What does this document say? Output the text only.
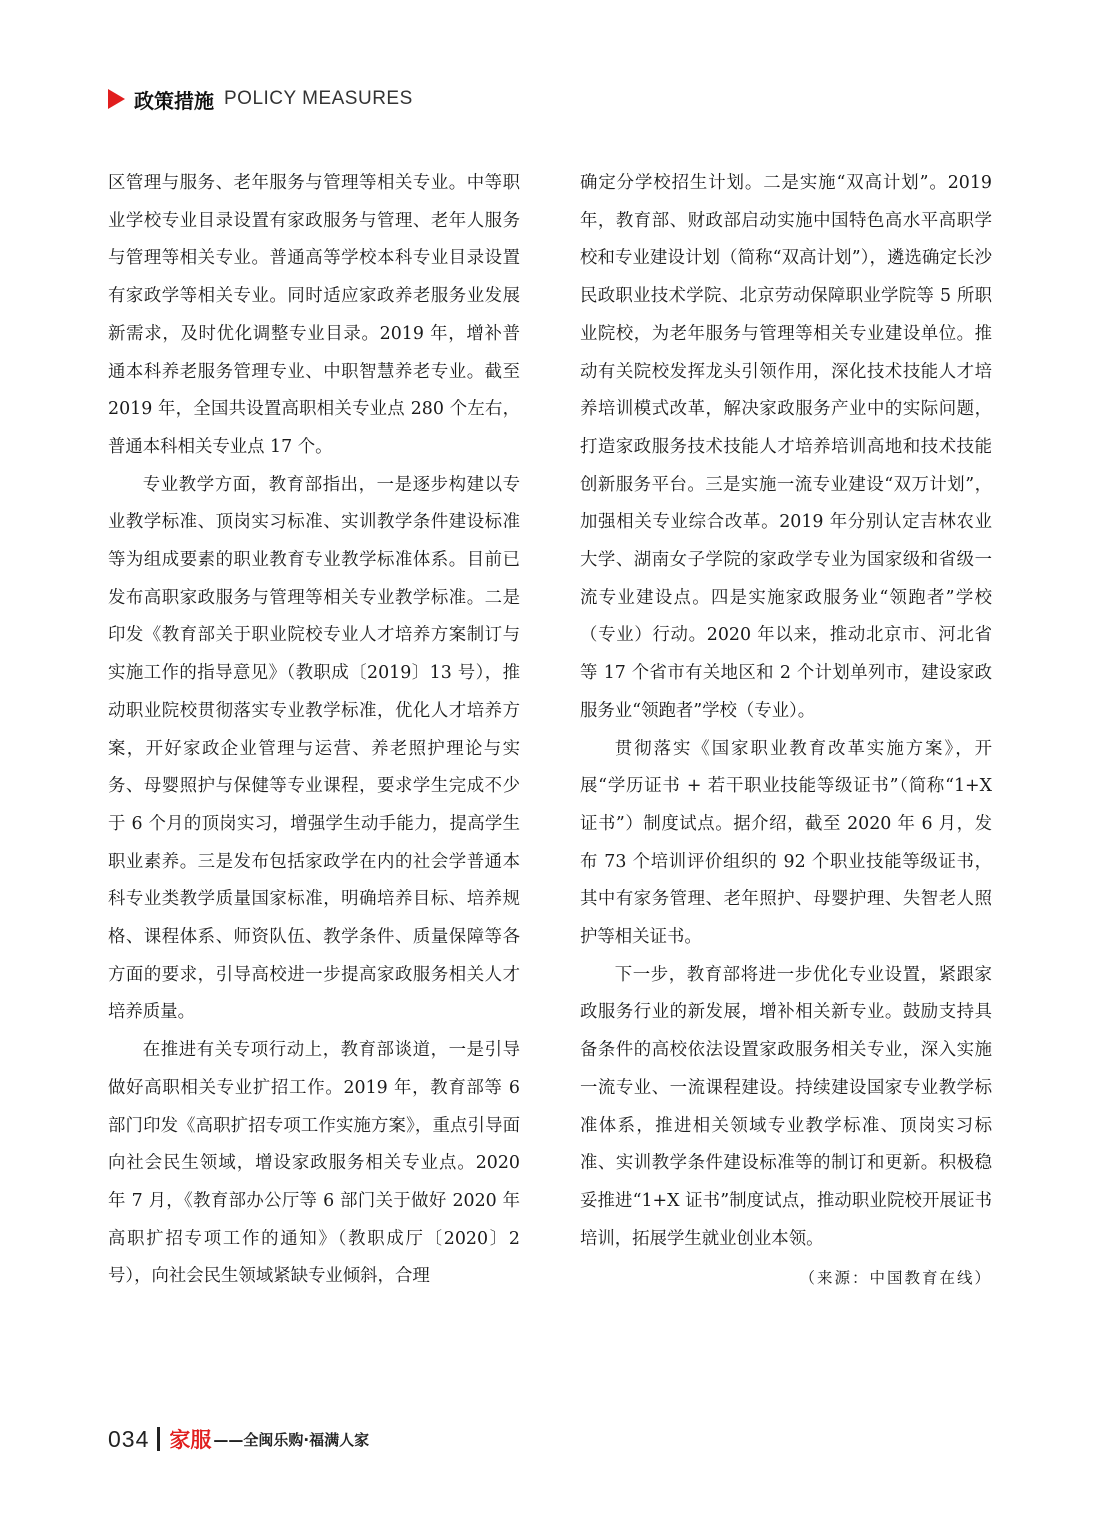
政策措施 POLICY MEASURES

区管理与服务、老年服务与管理等相关专业。中等职业学校专业目录设置有家政服务与管理、老年人服务与管理等相关专业。普通高等学校本科专业目录设置有家政学等相关专业。同时适应家政养老服务业发展新需求，及时优化调整专业目录。2019 年，增补普通本科养老服务管理专业、中职智慧养老专业。截至 2019 年，全国共设置高职相关专业点 280 个左右，普通本科相关专业点 17 个。

专业教学方面，教育部指出，一是逐步构建以专业教学标准、顶岗实习标准、实训教学条件建设标准等为组成要素的职业教育专业教学标准体系。目前已发布高职家政服务与管理等相关专业教学标准。二是印发《教育部关于职业院校专业人才培养方案制订与实施工作的指导意见》（教职成〔2019〕13 号），推动职业院校贯彻落实专业教学标准，优化人才培养方案，开好家政企业管理与运营、养老照护理论与实务、母婴照护与保健等专业课程，要求学生完成不少于 6 个月的顶岗实习，增强学生动手能力，提高学生职业素养。三是发布包括家政学在内的社会学普通本科专业类教学质量国家标准，明确培养目标、培养规格、课程体系、师资队伍、教学条件、质量保障等各方面的要求，引导高校进一步提高家政服务相关人才培养质量。

在推进有关专项行动上，教育部谈道，一是引导做好高职相关专业扩招工作。2019 年，教育部等 6 部门印发《高职扩招专项工作实施方案》，重点引导面向社会民生领域，增设家政服务相关专业点。2020 年 7 月，《教育部办公厅等 6 部门关于做好 2020 年高职扩招专项工作的通知》（教职成厅〔2020〕2 号），向社会民生领域紧缺专业倾斜，合理

确定分学校招生计划。二是实施“双高计划”。2019 年，教育部、财政部启动实施中国特色高水平高职学校和专业建设计划（简称“双高计划”），遴选确定长沙民政职业技术学院、北京劳动保障职业学院等 5 所职业院校，为老年服务与管理等相关专业建设单位。推动有关院校发挥龙头引领作用，深化技术技能人才培养培训模式改革，解决家政服务产业中的实际问题，打造家政服务技术技能人才培养培训高地和技术技能创新服务平台。三是实施一流专业建设“双万计划”，加强相关专业综合改革。2019 年分别认定吉林农业大学、湖南女子学院的家政学专业为国家级和省级一流专业建设点。四是实施家政服务业“领跑者”学校（专业）行动。2020 年以来，推动北京市、河北省等 17 个省市有关地区和 2 个计划单列市，建设家政服务业“领跑者”学校（专业）。

贯彻落实《国家职业教育改革实施方案》，开展“学历证书 + 若干职业技能等级证书”（简称“1+X 证书”）制度试点。据介绍，截至 2020 年 6 月，发布 73 个培训评价组织的 92 个职业技能等级证书，其中有家务管理、老年照护、母婴护理、失智老人照护等相关证书。

下一步，教育部将进一步优化专业设置，紧跟家政服务行业的新发展，增补相关新专业。鼓励支持具备条件的高校依法设置家政服务相关专业，深入实施一流专业、一流课程建设。持续建设国家专业教学标准体系，推进相关领域专业教学标准、顶岗实习标准、实训教学条件建设标准等的制订和更新。积极稳妥推进“1+X 证书”制度试点，推动职业院校开展证书培训，拓展学生就业创业本领。

（来源：中国教育在线）
034 家服 ——全闽乐购·福满人家
